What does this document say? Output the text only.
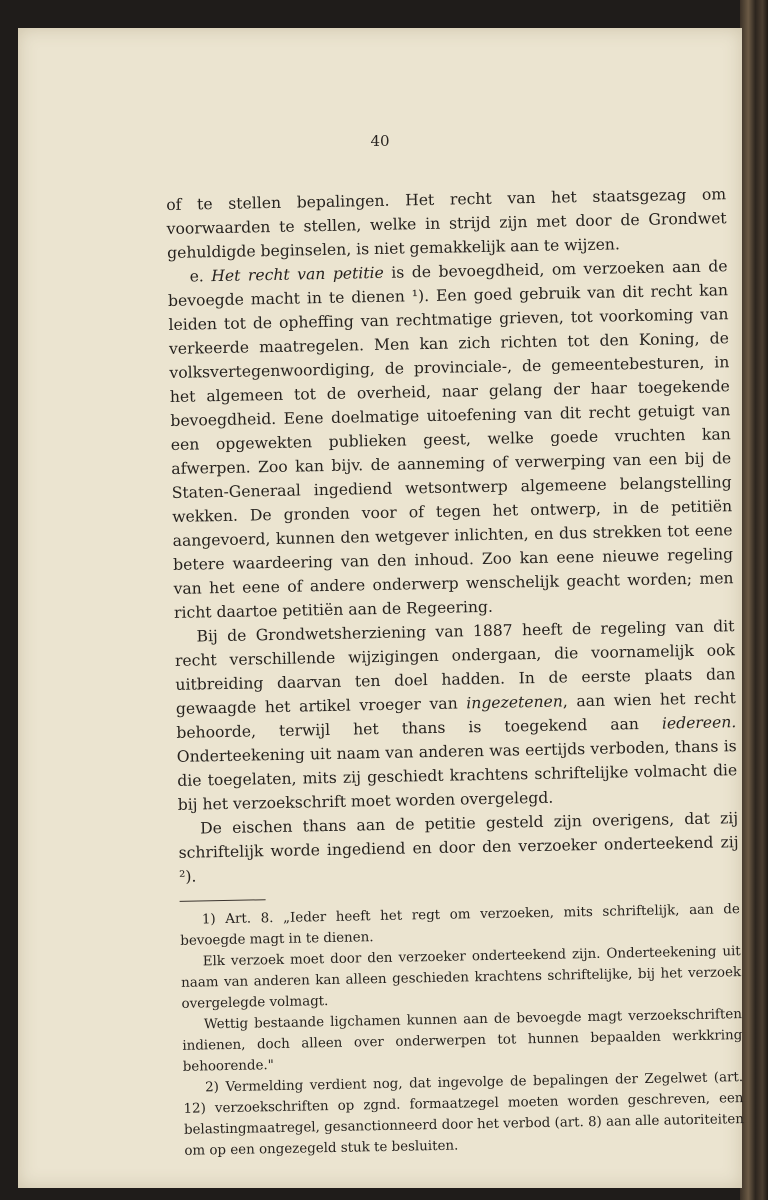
40

of te stellen bepalingen. Het recht van het staatsgezag om voorwaarden te stellen, welke in strijd zijn met door de Grondwet gehuldigde beginselen, is niet gemakkelijk aan te wijzen.

e. Het recht van petitie is de bevoegdheid, om verzoeken aan de bevoegde macht in te dienen ¹). Een goed gebruik van dit recht kan leiden tot de opheffing van rechtmatige grieven, tot voorkoming van verkeerde maatregelen. Men kan zich richten tot den Koning, de volksvertegenwoordiging, de provinciale-, de gemeentebesturen, in het algemeen tot de overheid, naar gelang der haar toegekende bevoegdheid. Eene doelmatige uitoefening van dit recht getuigt van een opgewekten publieken geest, welke goede vruchten kan afwerpen. Zoo kan bijv. de aanneming of verwerping van een bij de Staten-Generaal ingediend wetsontwerp algemeene belangstelling wekken. De gronden voor of tegen het ontwerp, in de petitiën aangevoerd, kunnen den wetgever inlichten, en dus strekken tot eene betere waardeering van den inhoud. Zoo kan eene nieuwe regeling van het eene of andere onderwerp wenschelijk geacht worden; men richt daartoe petitiën aan de Regeering.

Bij de Grondwetsherziening van 1887 heeft de regeling van dit recht verschillende wijzigingen ondergaan, die voornamelijk ook uitbreiding daarvan ten doel hadden. In de eerste plaats dan gewaagde het artikel vroeger van ingezetenen, aan wien het recht behoorde, terwijl het thans is toegekend aan iedereen. Onderteekening uit naam van anderen was eertijds verboden, thans is die toegelaten, mits zij geschiedt krachtens schriftelijke volmacht die bij het verzoekschrift moet worden overgelegd.

De eischen thans aan de petitie gesteld zijn overigens, dat zij schriftelijk worde ingediend en door den verzoeker onderteekend zij ²).

1) Art. 8. „Ieder heeft het regt om verzoeken, mits schriftelijk, aan de bevoegde magt in te dienen.

Elk verzoek moet door den verzoeker onderteekend zijn. Onderteekening uit naam van anderen kan alleen geschieden krachtens schriftelijke, bij het verzoek overgelegde volmagt.

Wettig bestaande ligchamen kunnen aan de bevoegde magt verzoekschriften indienen, doch alleen over onderwerpen tot hunnen bepaalden werkkring behoorende."

2) Vermelding verdient nog, dat ingevolge de bepalingen der Zegelwet (art. 12) verzoekschriften op zgnd. formaatzegel moeten worden geschreven, een belastingmaatregel, gesanctionneerd door het verbod (art. 8) aan alle autoriteiten om op een ongezegeld stuk te besluiten.
